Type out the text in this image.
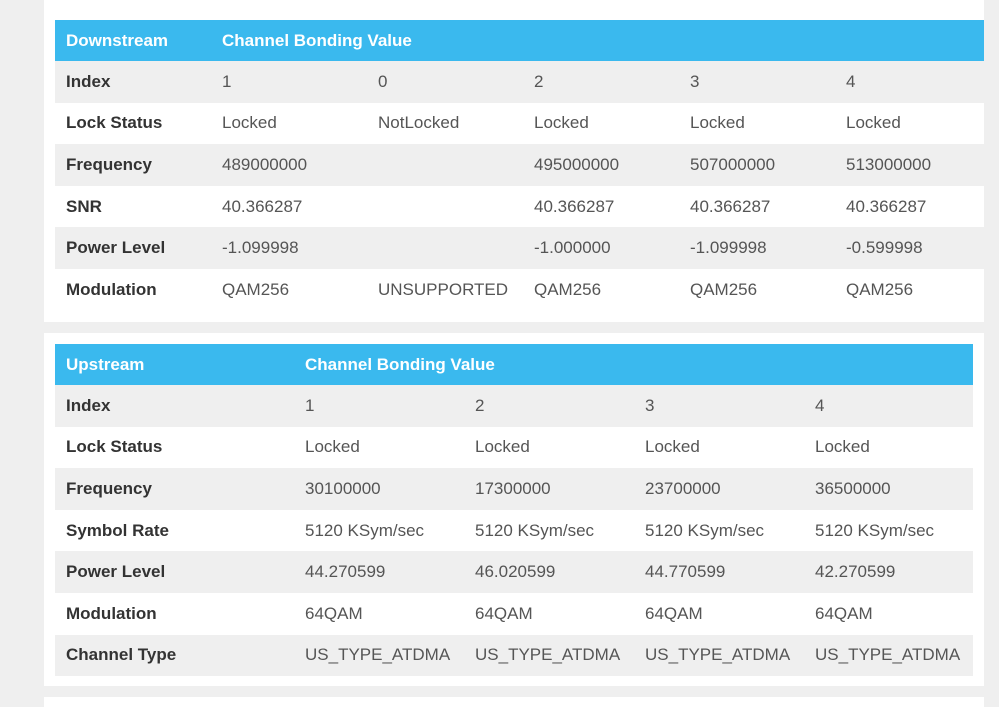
Downstream	Channel Bonding Value				
Index	1	0	2	3	4
Lock Status	Locked	NotLocked	Locked	Locked	Locked
Frequency	489000000		495000000	507000000	513000000
SNR	40.366287		40.366287	40.366287	40.366287
Power Level	-1.099998		-1.000000	-1.099998	-0.599998
Modulation	QAM256	UNSUPPORTED	QAM256	QAM256	QAM256
Upstream	Channel Bonding Value			
Index	1	2	3	4
Lock Status	Locked	Locked	Locked	Locked
Frequency	30100000	17300000	23700000	36500000
Symbol Rate	5120 KSym/sec	5120 KSym/sec	5120 KSym/sec	5120 KSym/sec
Power Level	44.270599	46.020599	44.770599	42.270599
Modulation	64QAM	64QAM	64QAM	64QAM
Channel Type	US_TYPE_ATDMA	US_TYPE_ATDMA	US_TYPE_ATDMA	US_TYPE_ATDMA
